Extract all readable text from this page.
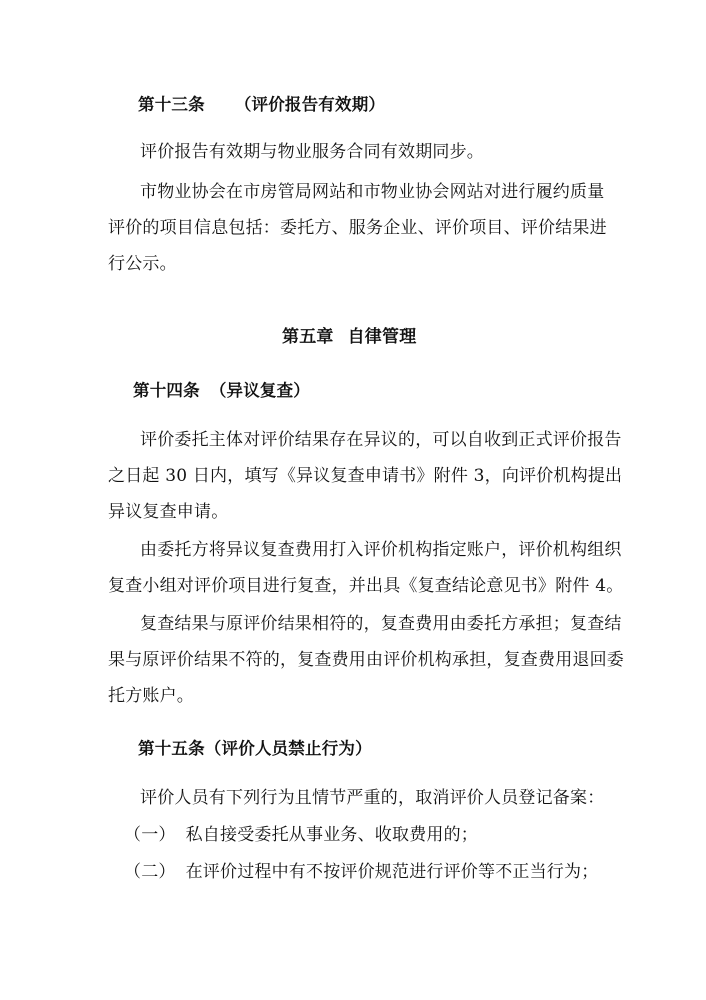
第十三条 （评价报告有效期）
评价报告有效期与物业服务合同有效期同步。
市物业协会在市房管局网站和市物业协会网站对进行履约质量
评价的项目信息包括：委托方、服务企业、评价项目、评价结果进
行公示。
第五章 自律管理
第十四条 （异议复查）
评价委托主体对评价结果存在异议的，可以自收到正式评价报告
之日起 30 日内，填写《异议复查申请书》附件 3，向评价机构提出
异议复查申请。
由委托方将异议复查费用打入评价机构指定账户，评价机构组织
复查小组对评价项目进行复查，并出具《复查结论意见书》附件 4。
复查结果与原评价结果相符的，复查费用由委托方承担；复查结
果与原评价结果不符的，复查费用由评价机构承担，复查费用退回委
托方账户。
第十五条（评价人员禁止行为）
评价人员有下列行为且情节严重的，取消评价人员登记备案：
（一） 私自接受委托从事业务、收取费用的；
（二） 在评价过程中有不按评价规范进行评价等不正当行为；
